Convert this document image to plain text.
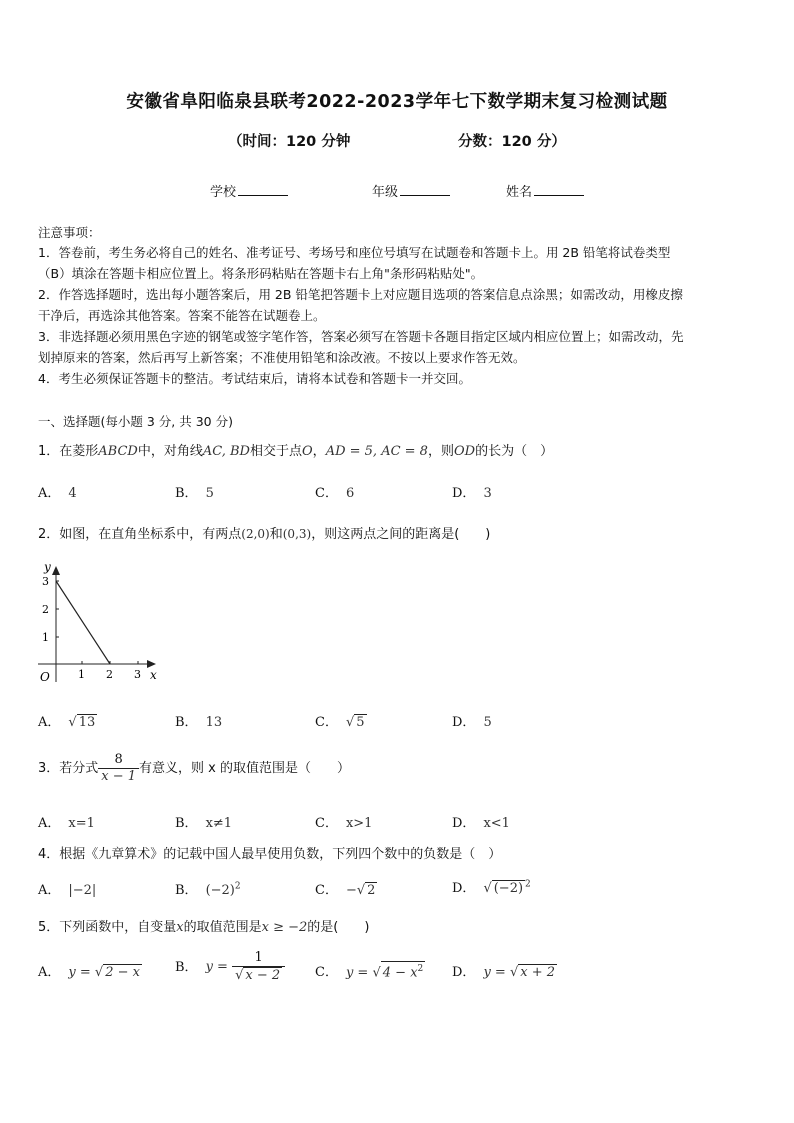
安徽省阜阳临泉县联考2022-2023学年七下数学期末复习检测试题
（时间：120 分钟	分数：120 分）
学校	年级	姓名
注意事项：
1．答卷前，考生务必将自己的姓名、准考证号、考场号和座位号填写在试题卷和答题卡上。用 2B 铅笔将试卷类型
（B）填涂在答题卡相应位置上。将条形码粘贴在答题卡右上角"条形码粘贴处"。
2．作答选择题时，选出每小题答案后，用 2B 铅笔把答题卡上对应题目选项的答案信息点涂黑；如需改动，用橡皮擦
干净后，再选涂其他答案。答案不能答在试题卷上。
3．非选择题必须用黑色字迹的钢笔或签字笔作答，答案必须写在答题卡各题目指定区域内相应位置上；如需改动，先
划掉原来的答案，然后再写上新答案；不准使用铅笔和涂改液。不按以上要求作答无效。
4．考生必须保证答题卡的整洁。考试结束后，请将本试卷和答题卡一并交回。
一、选择题(每小题 3 分, 共 30 分)
1．在菱形ABCD中，对角线AC, BD相交于点O，AD = 5, AC = 8，则OD的长为（　）
A． 4	B． 5	C． 6	D． 3
2．如图，在直角坐标系中，有两点(2,0)和(0,3)，则这两点之间的距离是(　　)
y
x
O
1
2
3
1 2 3
A． √ 13	B． 13	C． √ 5	D． 5
3．若分式 $\frac{8}{x - 1}$ 有意义，则 x 的取值范围是（　　）
A． x=1	B． x≠1	C． x>1	D． x<1
4．根据《九章算术》的记载中国人最早使用负数，下列四个数中的负数是（　）
A． |−2|	B． $(-2)^2$	C． −√ 2	D． √ (−2) $^2$
5．下列函数中，自变量x的取值范围是x ≥ −2的是(　　)
A． y = √ 2 − x	B． $y = \frac{1}{√ x - 2}$ C． y = √ $4 - x^2$ D． y = √ x + 2
